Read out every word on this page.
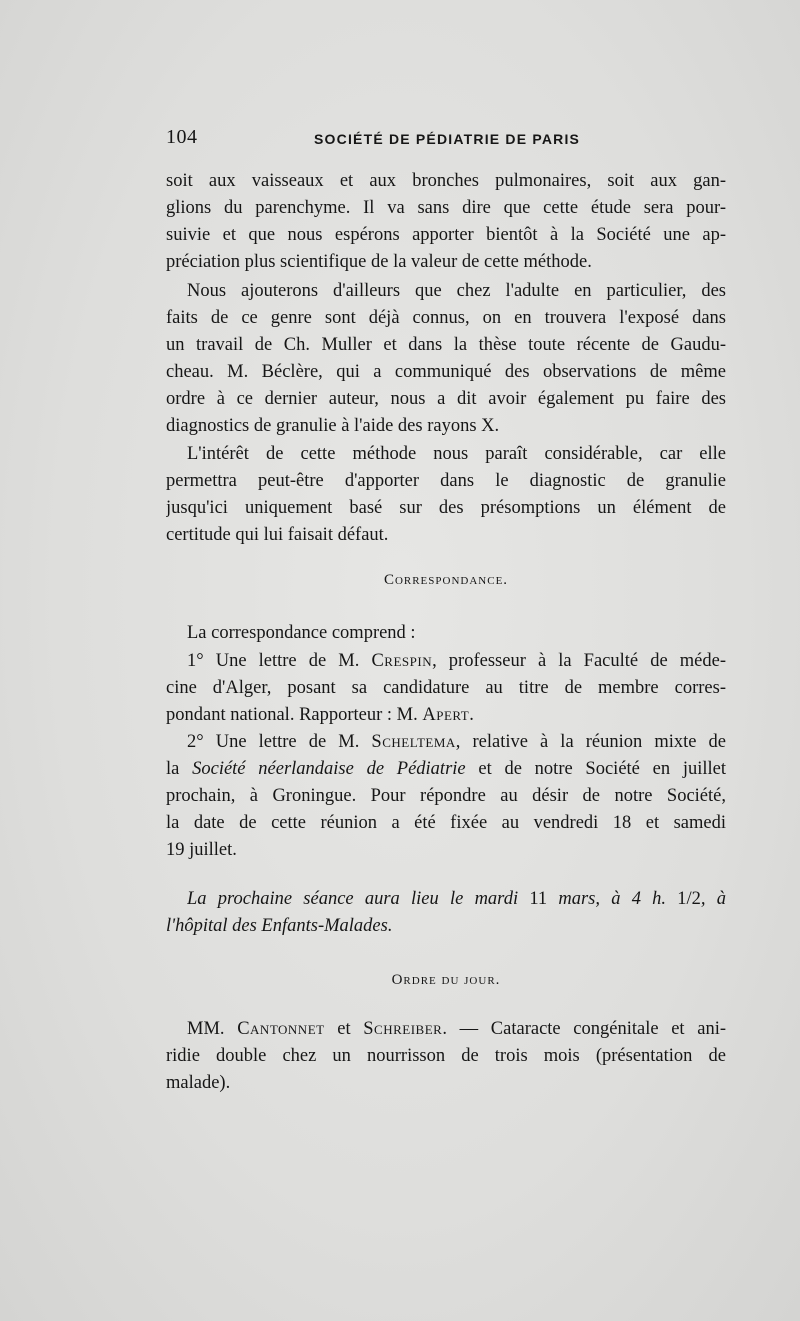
104	SOCIÉTÉ DE PÉDIATRIE DE PARIS
soit aux vaisseaux et aux bronches pulmonaires, soit aux gan-
glions du parenchyme. Il va sans dire que cette étude sera pour-
suivie et que nous espérons apporter bientôt à la Société une ap-
préciation plus scientifique de la valeur de cette méthode.
Nous ajouterons d'ailleurs que chez l'adulte en particulier, des
faits de ce genre sont déjà connus, on en trouvera l'exposé dans
un travail de Ch. Muller et dans la thèse toute récente de Gaudu-
cheau. M. Béclère, qui a communiqué des observations de même
ordre à ce dernier auteur, nous a dit avoir également pu faire des
diagnostics de granulie à l'aide des rayons X.
L'intérêt de cette méthode nous paraît considérable, car elle
permettra peut-être d'apporter dans le diagnostic de granulie
jusqu'ici uniquement basé sur des présomptions un élément de
certitude qui lui faisait défaut.
Correspondance.
La correspondance comprend :
1° Une lettre de M. Crespin, professeur à la Faculté de méde-
cine d'Alger, posant sa candidature au titre de membre corres-
pondant national. Rapporteur : M. Apert.
2° Une lettre de M. Scheltema, relative à la réunion mixte de
la Société néerlandaise de Pédiatrie et de notre Société en juillet
prochain, à Groningue. Pour répondre au désir de notre Société,
la date de cette réunion a été fixée au vendredi 18 et samedi
19 juillet.
La prochaine séance aura lieu le mardi 11 mars, à 4 h. 1/2, à
l'hôpital des Enfants-Malades.
Ordre du jour.
MM. Cantonnet et Schreiber. — Cataracte congénitale et ani-
ridie double chez un nourrisson de trois mois (présentation de
malade).
